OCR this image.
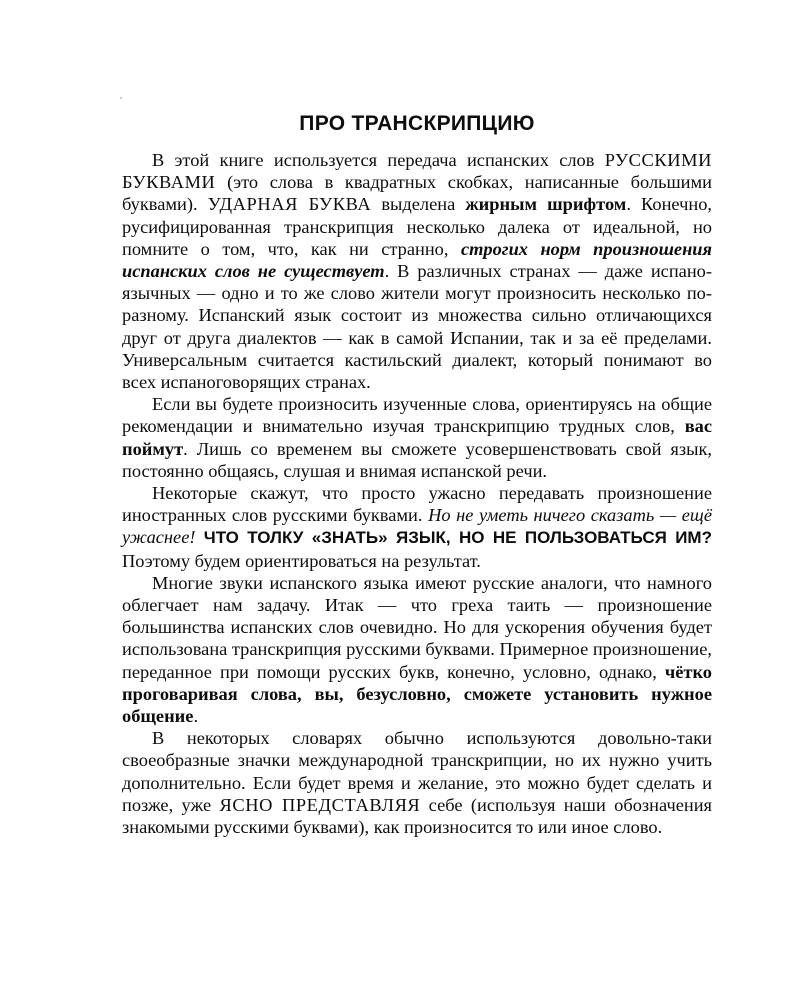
ПРО ТРАНСКРИПЦИЮ

В этой книге используется передача испанских слов РУССКИМИ БУКВАМИ (это слова в квадратных скобках, написанные большими буквами). УДАРНАЯ БУКВА выделена жирным шрифтом. Конечно, русифицированная транскрипция несколько далека от идеальной, но помните о том, что, как ни странно, строгих норм произношения испанских слов не существует. В различных странах — даже испаноязычных — одно и то же слово жители могут произносить несколько по-разному. Испанский язык состоит из множества сильно отличающихся друг от друга диалектов — как в самой Испании, так и за её пределами. Универсальным считается кастильский диалект, который понимают во всех испаноговорящих странах.

Если вы будете произносить изученные слова, ориентируясь на общие рекомендации и внимательно изучая транскрипцию трудных слов, вас поймут. Лишь со временем вы сможете усовершенствовать свой язык, постоянно общаясь, слушая и внимая испанской речи.

Некоторые скажут, что просто ужасно передавать произношение иностранных слов русскими буквами. Но не уметь ничего сказать — ещё ужаснее! ЧТО ТОЛКУ «ЗНАТЬ» ЯЗЫК, НО НЕ ПОЛЬЗОВАТЬСЯ ИМ? Поэтому будем ориентироваться на результат.

Многие звуки испанского языка имеют русские аналоги, что намного облегчает нам задачу. Итак — что греха таить — произношение большинства испанских слов очевидно. Но для ускорения обучения будет использована транскрипция русскими буквами. Примерное произношение, переданное при помощи русских букв, конечно, условно, однако, чётко проговаривая слова, вы, безусловно, сможете установить нужное общение.

В некоторых словарях обычно используются довольно-таки своеобразные значки международной транскрипции, но их нужно учить дополнительно. Если будет время и желание, это можно будет сделать и позже, уже ЯСНО ПРЕДСТАВЛЯЯ себе (используя наши обозначения знакомыми русскими буквами), как произносится то или иное слово.
